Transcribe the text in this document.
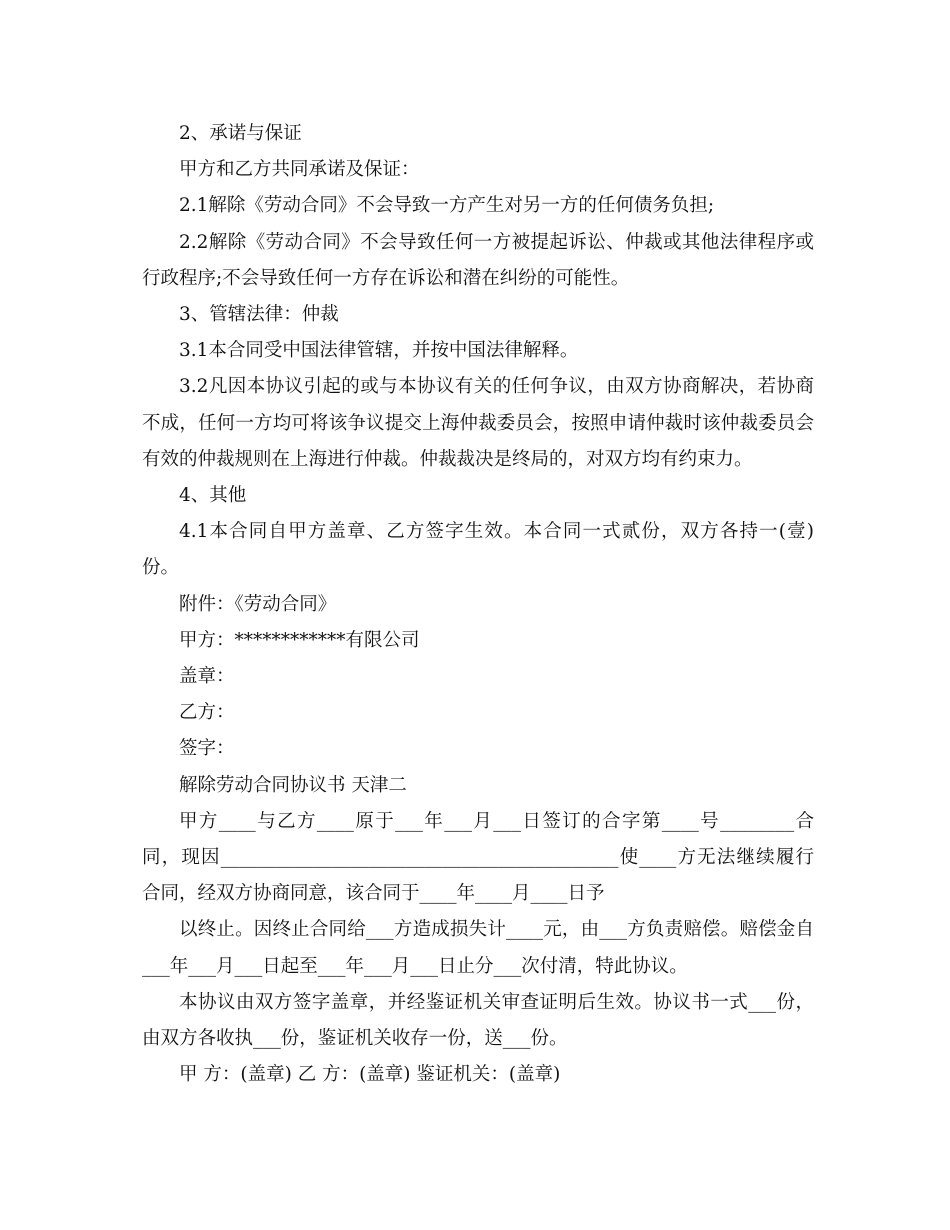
2、承诺与保证

甲方和乙方共同承诺及保证：

2.1解除《劳动合同》不会导致一方产生对另一方的任何债务负担;

2.2解除《劳动合同》不会导致任何一方被提起诉讼、仲裁或其他法律程序或行政程序;不会导致任何一方存在诉讼和潜在纠纷的可能性。

3、管辖法律：仲裁

3.1本合同受中国法律管辖，并按中国法律解释。

3.2凡因本协议引起的或与本协议有关的任何争议，由双方协商解决，若协商不成，任何一方均可将该争议提交上海仲裁委员会，按照申请仲裁时该仲裁委员会有效的仲裁规则在上海进行仲裁。仲裁裁决是终局的，对双方均有约束力。

4、其他

4.1本合同自甲方盖章、乙方签字生效。本合同一式贰份，双方各持一(壹)份。

附件：《劳动合同》

甲方：************有限公司

盖章：

乙方：

签字：

解除劳动合同协议书 天津二

甲方____与乙方____原于___年___月___日签订的合字第____号________合同，现因___________________________________________使____方无法继续履行合同，经双方协商同意，该合同于____年____月____日予

以终止。因终止合同给___方造成损失计____元，由___方负责赔偿。赔偿金自___年___月___日起至___年___月___日止分___次付清，特此协议。

本协议由双方签字盖章，并经鉴证机关审查证明后生效。协议书一式___份，由双方各收执___份，鉴证机关收存一份，送___份。

甲 方：(盖章) 乙 方：(盖章) 鉴证机关：(盖章)
